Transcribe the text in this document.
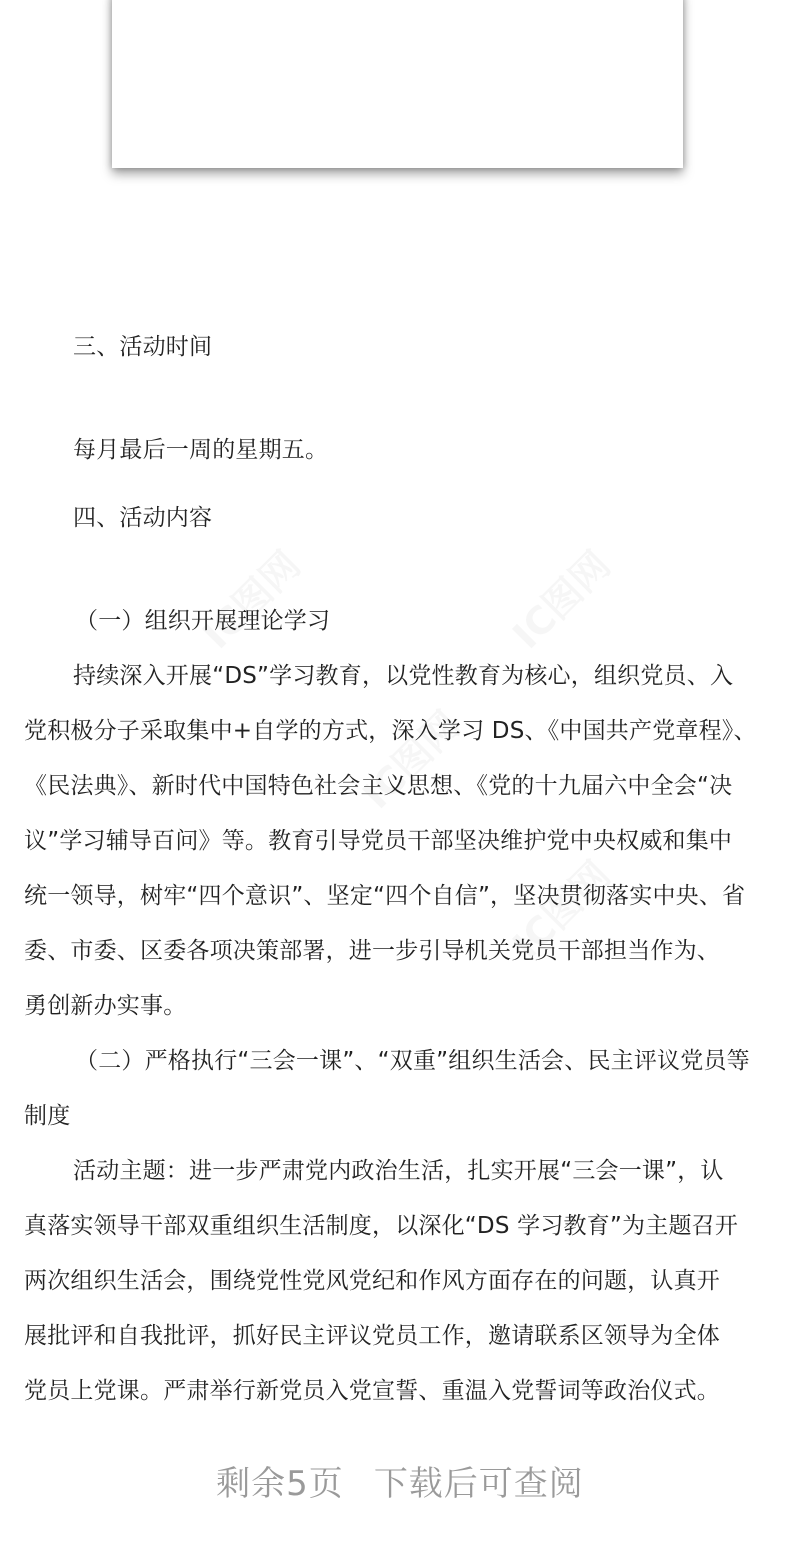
三、活动时间
每月最后一周的星期五。
四、活动内容
（一）组织开展理论学习
持续深入开展“DS”学习教育，以党性教育为核心，组织党员、入
党积极分子采取集中+自学的方式，深入学习 DS、《中国共产党章程》、
《民法典》、新时代中国特色社会主义思想、《党的十九届六中全会“决
议”学习辅导百问》等。教育引导党员干部坚决维护党中央权威和集中
统一领导，树牢“四个意识”、坚定“四个自信”，坚决贯彻落实中央、省
委、市委、区委各项决策部署，进一步引导机关党员干部担当作为、
勇创新办实事。
（二）严格执行“三会一课”、“双重”组织生活会、民主评议党员等
制度
活动主题：进一步严肃党内政治生活，扎实开展“三会一课”，认
真落实领导干部双重组织生活制度，以深化“DS 学习教育”为主题召开
两次组织生活会，围绕党性党风党纪和作风方面存在的问题，认真开
展批评和自我批评，抓好民主评议党员工作，邀请联系区领导为全体
党员上党课。严肃举行新党员入党宣誓、重温入党誓词等政治仪式。
剩余5页 下载后可查阅
